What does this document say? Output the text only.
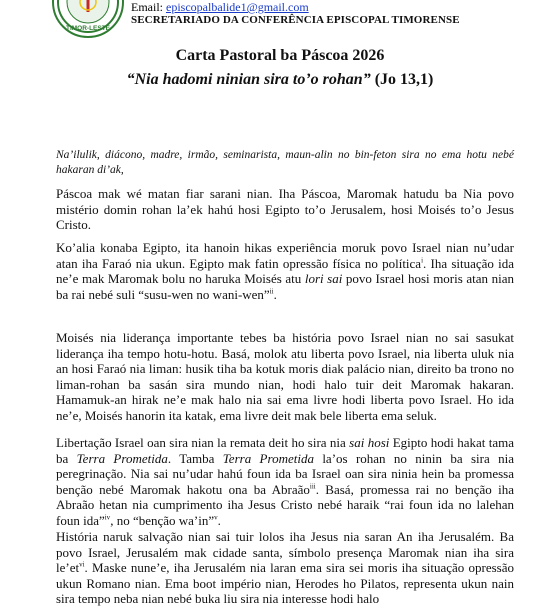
TIMOR-LESTE
Email: episcopalbalide1@gmail.com
SECRETARIADO DA CONFERÊNCIA EPISCOPAL TIMORENSE
Carta Pastoral ba Páscoa 2026
“Nia hadomi ninian sira to’o rohan” (Jo 13,1)
Na’ilulik, diácono, madre, irmão, seminarista, maun-alin no bin-feton sira no ema hotu nebé hakaran di’ak,
Páscoa mak wé matan fiar sarani nian. Iha Páscoa, Maromak hatudu ba Nia povo mistério domin rohan la’ek hahú hosi Egipto to’o Jerusalem, hosi Moisés to’o Jesus Cristo.
Ko’alia konaba Egipto, ita hanoin hikas experiência moruk povo Israel nian nu’udar atan iha Faraó nia ukun. Egipto mak fatin opressão física no política$^i$. Iha situação ida ne’e mak Maromak bolu no haruka Moisés atu lori sai povo Israel hosi moris atan nian ba rai nebé suli “susu-wen no wani-wen”$^{ii}$.
Moisés nia liderança importante tebes ba história povo Israel nian no sai sasukat liderança iha tempo hotu-hotu. Basá, molok atu liberta povo Israel, nia liberta uluk nia an hosi Faraó nia liman: husik tiha ba kotuk moris diak palácio nian, direito ba trono no liman-rohan ba sasán sira mundo nian, hodi halo tuir deit Maromak hakaran. Hamamuk-an hirak ne’e mak halo nia sai ema livre hodi liberta povo Israel. Ho ida ne’e, Moisés hanorin ita katak, ema livre deit mak bele liberta ema seluk.
Libertação Israel oan sira nian la remata deit ho sira nia sai hosi Egipto hodi hakat tama ba Terra Prometida. Tamba Terra Prometida la’os rohan no ninin ba sira nia peregrinação. Nia sai nu’udar hahú foun ida ba Israel oan sira ninia hein ba promessa benção nebé Maromak hakotu ona ba Abraão$^{iii}$. Basá, promessa rai no benção iha Abraão hetan nia cumprimento iha Jesus Cristo nebé haraik “rai foun ida no lalehan foun ida”$^{iv}$, no “benção wa’in”$^v$.
História naruk salvação nian sai tuir lolos iha Jesus nia saran An iha Jerusalém. Ba povo Israel, Jerusalém mak cidade santa, símbolo presença Maromak nian iha sira $le’et^{vi}$. Maske nune’e, iha Jerusalém nia laran ema sira sei moris iha situação opressão ukun Romano nian. Ema boot império nian, Herodes ho Pilatos, representa ukun nain sira tempo neba nian nebé buka liu sira nia interesse hodi halo
